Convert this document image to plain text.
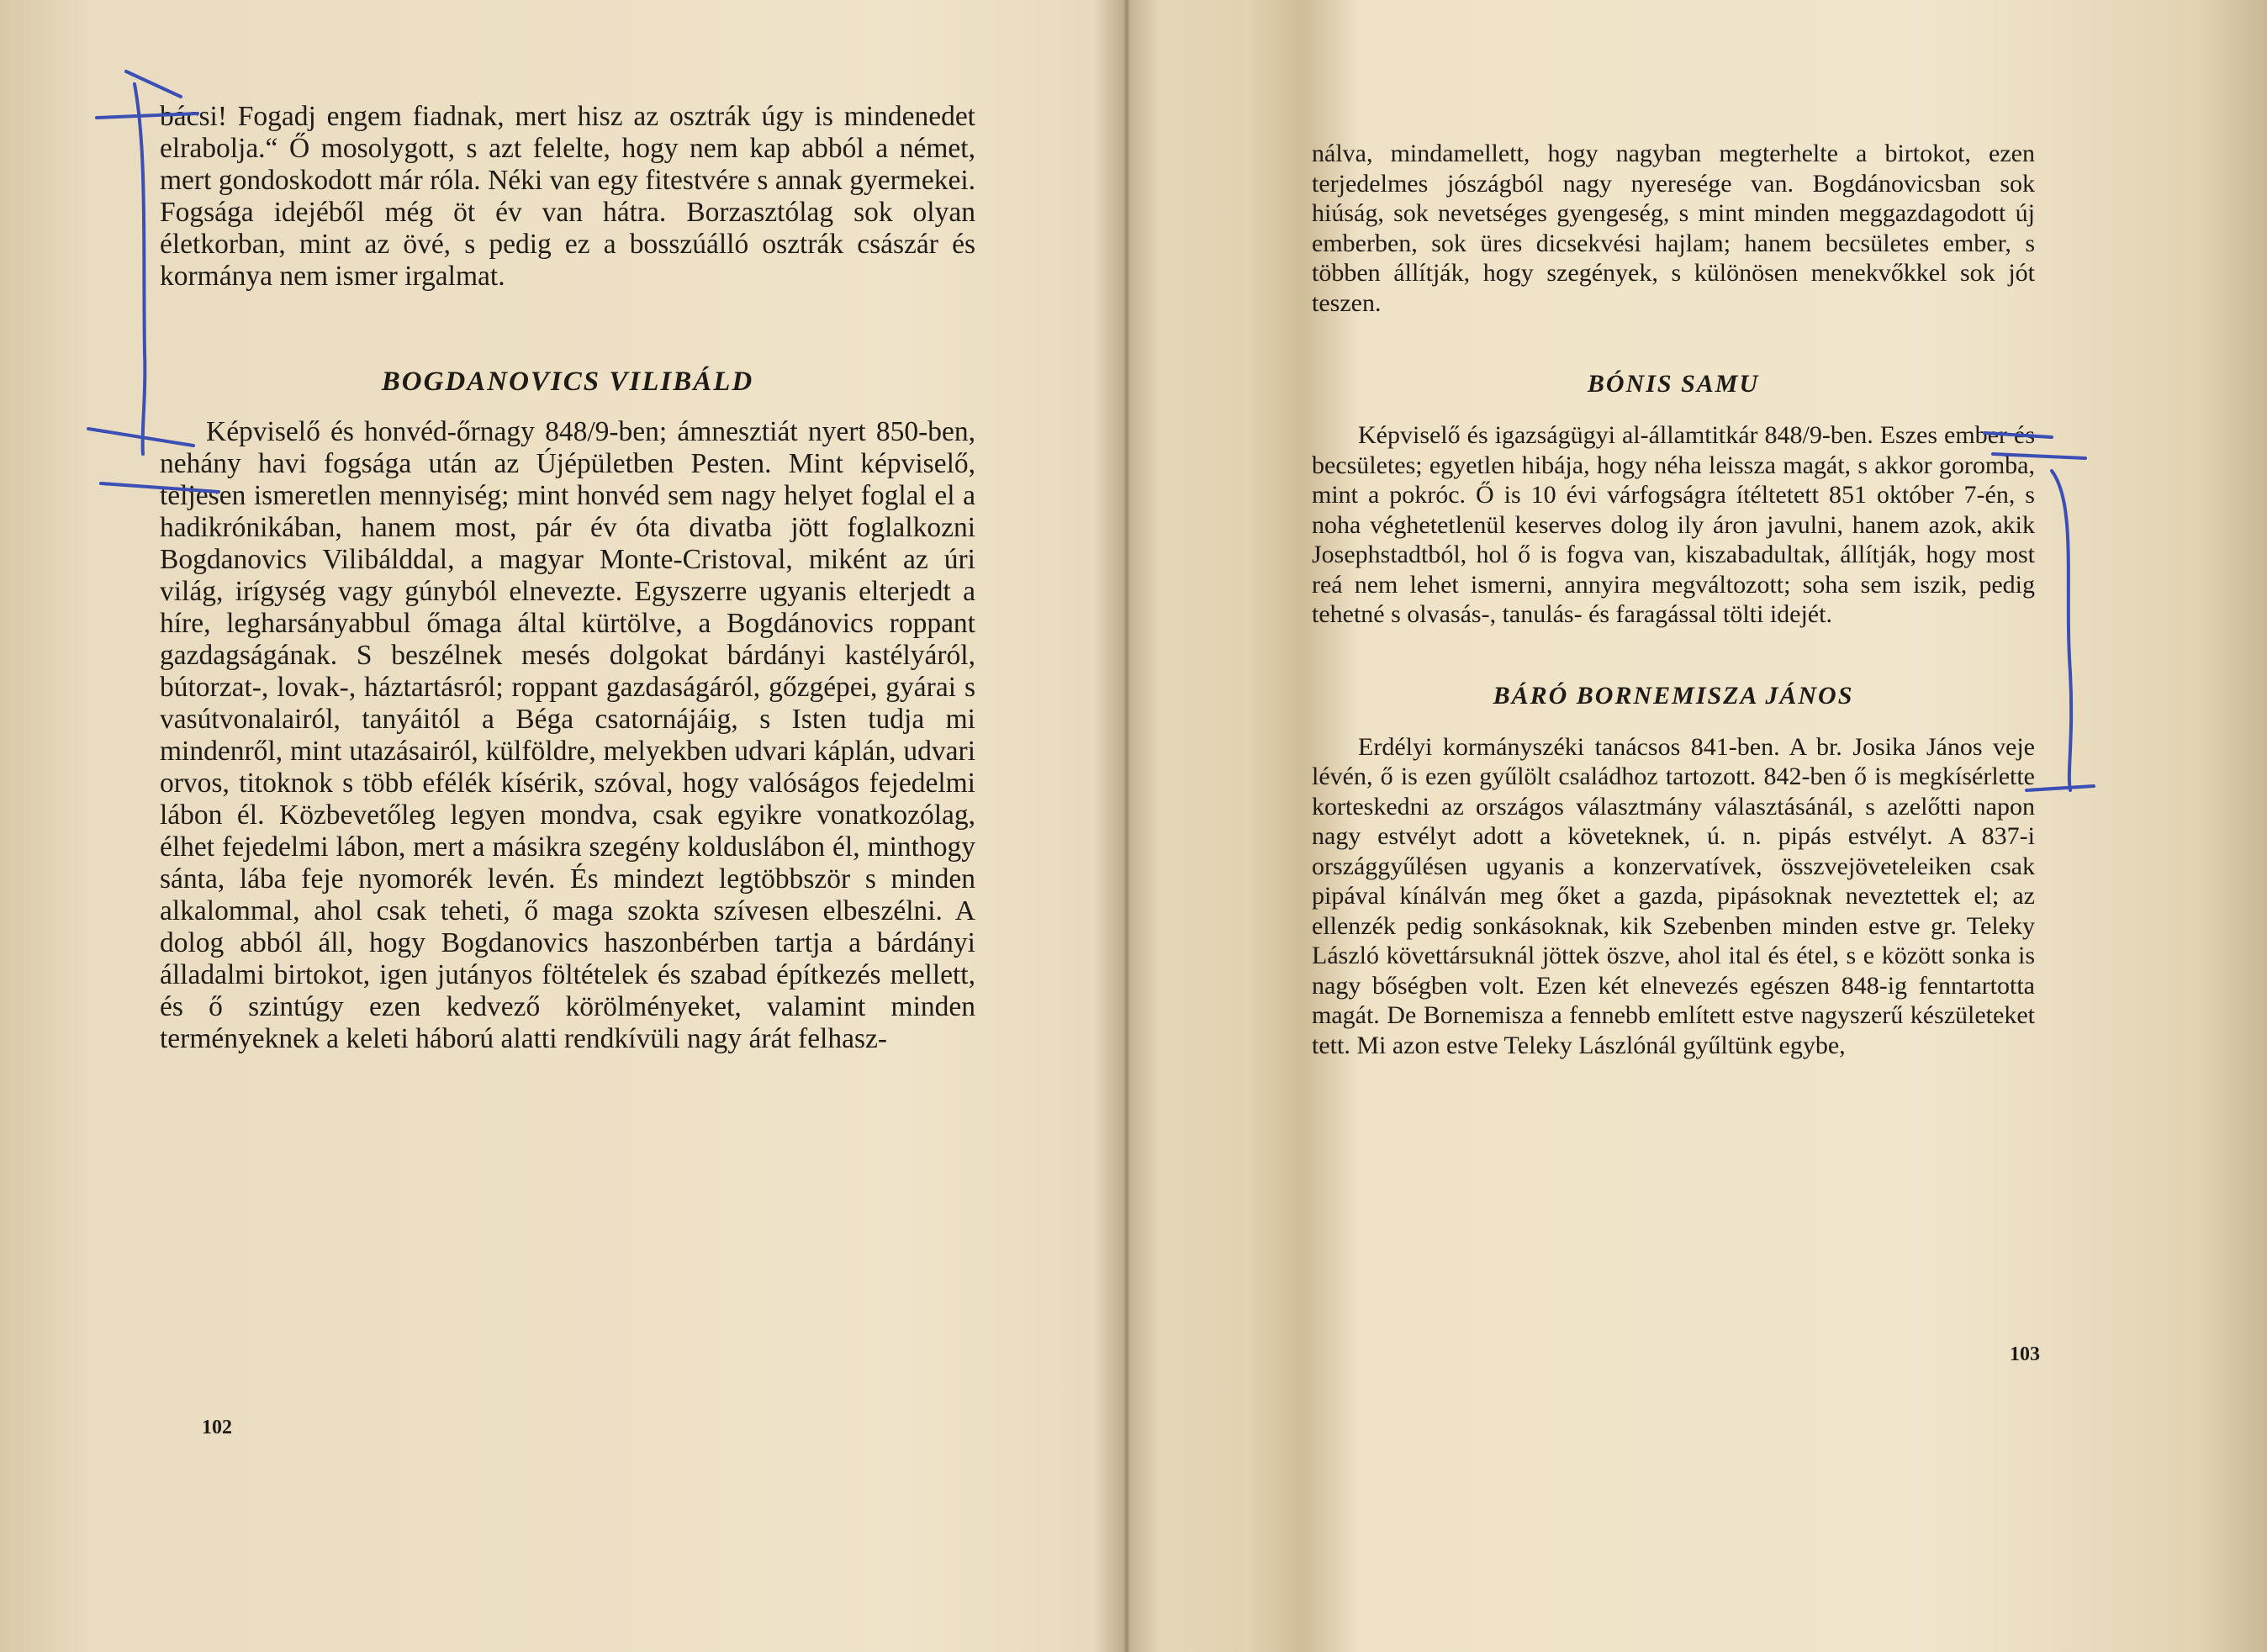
bácsi! Fogadj engem fiadnak, mert hisz az osztrák úgy is mindenedet elrabolja.“ Ő mosolygott, s azt felelte, hogy nem kap abból a német, mert gondoskodott már róla. Néki van egy fitestvére s annak gyermekei. Fogsága idejéből még öt év van hátra. Borzasztólag sok olyan életkorban, mint az övé, s pedig ez a bosszúálló osztrák császár és kormánya nem ismer irgalmat.

BOGDANOVICS VILIBÁLD

Képviselő és honvéd-őrnagy 848/9-ben; ámnesztiát nyert 850-ben, nehány havi fogsága után az Újépületben Pesten. Mint képviselő, teljesen ismeretlen mennyiség; mint honvéd sem nagy helyet foglal el a hadikrónikában, hanem most, pár év óta divatba jött foglalkozni Bogdanovics Vilibálddal, a magyar Monte-Cristoval, miként az úri világ, irígység vagy gúnyból elnevezte. Egyszerre ugyanis elterjedt a híre, legharsányabbul őmaga által kürtölve, a Bogdánovics roppant gazdagságának. S beszélnek mesés dolgokat bárdányi kastélyáról, bútorzat-, lovak-, háztartásról; roppant gazdaságáról, gőzgépei, gyárai s vasútvonalairól, tanyáitól a Béga csatornájáig, s Isten tudja mi mindenről, mint utazásairól, külföldre, melyekben udvari káplán, udvari orvos, titoknok s több efélék kísérik, szóval, hogy valóságos fejedelmi lábon él. Közbevetőleg legyen mondva, csak egyikre vonatkozólag, élhet fejedelmi lábon, mert a másikra szegény kolduslábon él, minthogy sánta, lába feje nyomorék levén. És mindezt legtöbbször s minden alkalommal, ahol csak teheti, ő maga szokta szívesen elbeszélni. A dolog abból áll, hogy Bogdanovics haszonbérben tartja a bárdányi álladalmi birtokot, igen jutányos föltételek és szabad építkezés mellett, és ő szintúgy ezen kedvező körölményeket, valamint minden terményeknek a keleti háború alatti rendkívüli nagy árát felhasz-

102

nálva, mindamellett, hogy nagyban megterhelte a birtokot, ezen terjedelmes jószágból nagy nyeresége van. Bogdánovicsban sok hiúság, sok nevetséges gyengeség, s mint minden meggazdagodott új emberben, sok üres dicsekvési hajlam; hanem becsületes ember, s többen állítják, hogy szegények, s különösen menekvőkkel sok jót teszen.

BÓNIS SAMU

Képviselő és igazságügyi al-államtitkár 848/9-ben. Eszes ember és becsületes; egyetlen hibája, hogy néha leissza magát, s akkor goromba, mint a pokróc. Ő is 10 évi várfogságra ítéltetett 851 október 7-én, s noha véghetetlenül keserves dolog ily áron javulni, hanem azok, akik Josephstadtból, hol ő is fogva van, kiszabadultak, állítják, hogy most reá nem lehet ismerni, annyira megváltozott; soha sem iszik, pedig tehetné s olvasás-, tanulás- és faragással tölti idejét.

BÁRÓ BORNEMISZA JÁNOS

Erdélyi kormányszéki tanácsos 841-ben. A br. Josika János veje lévén, ő is ezen gyűlölt családhoz tartozott. 842-ben ő is megkísérlette korteskedni az országos választmány választásánál, s azelőtti napon nagy estvélyt adott a követeknek, ú. n. pipás estvélyt. A 837-i országgyűlésen ugyanis a konzervatívek, összvejöveteleiken csak pipával kínálván meg őket a gazda, pipásoknak neveztettek el; az ellenzék pedig sonkásoknak, kik Szebenben minden estve gr. Teleky László követtársuknál jöttek öszve, ahol ital és étel, s e között sonka is nagy bőségben volt. Ezen két elnevezés egészen 848-ig fenntartotta magát. De Bornemisza a fennebb említett estve nagyszerű készületeket tett. Mi azon estve Teleky Lászlónál gyűltünk egybe,

103
